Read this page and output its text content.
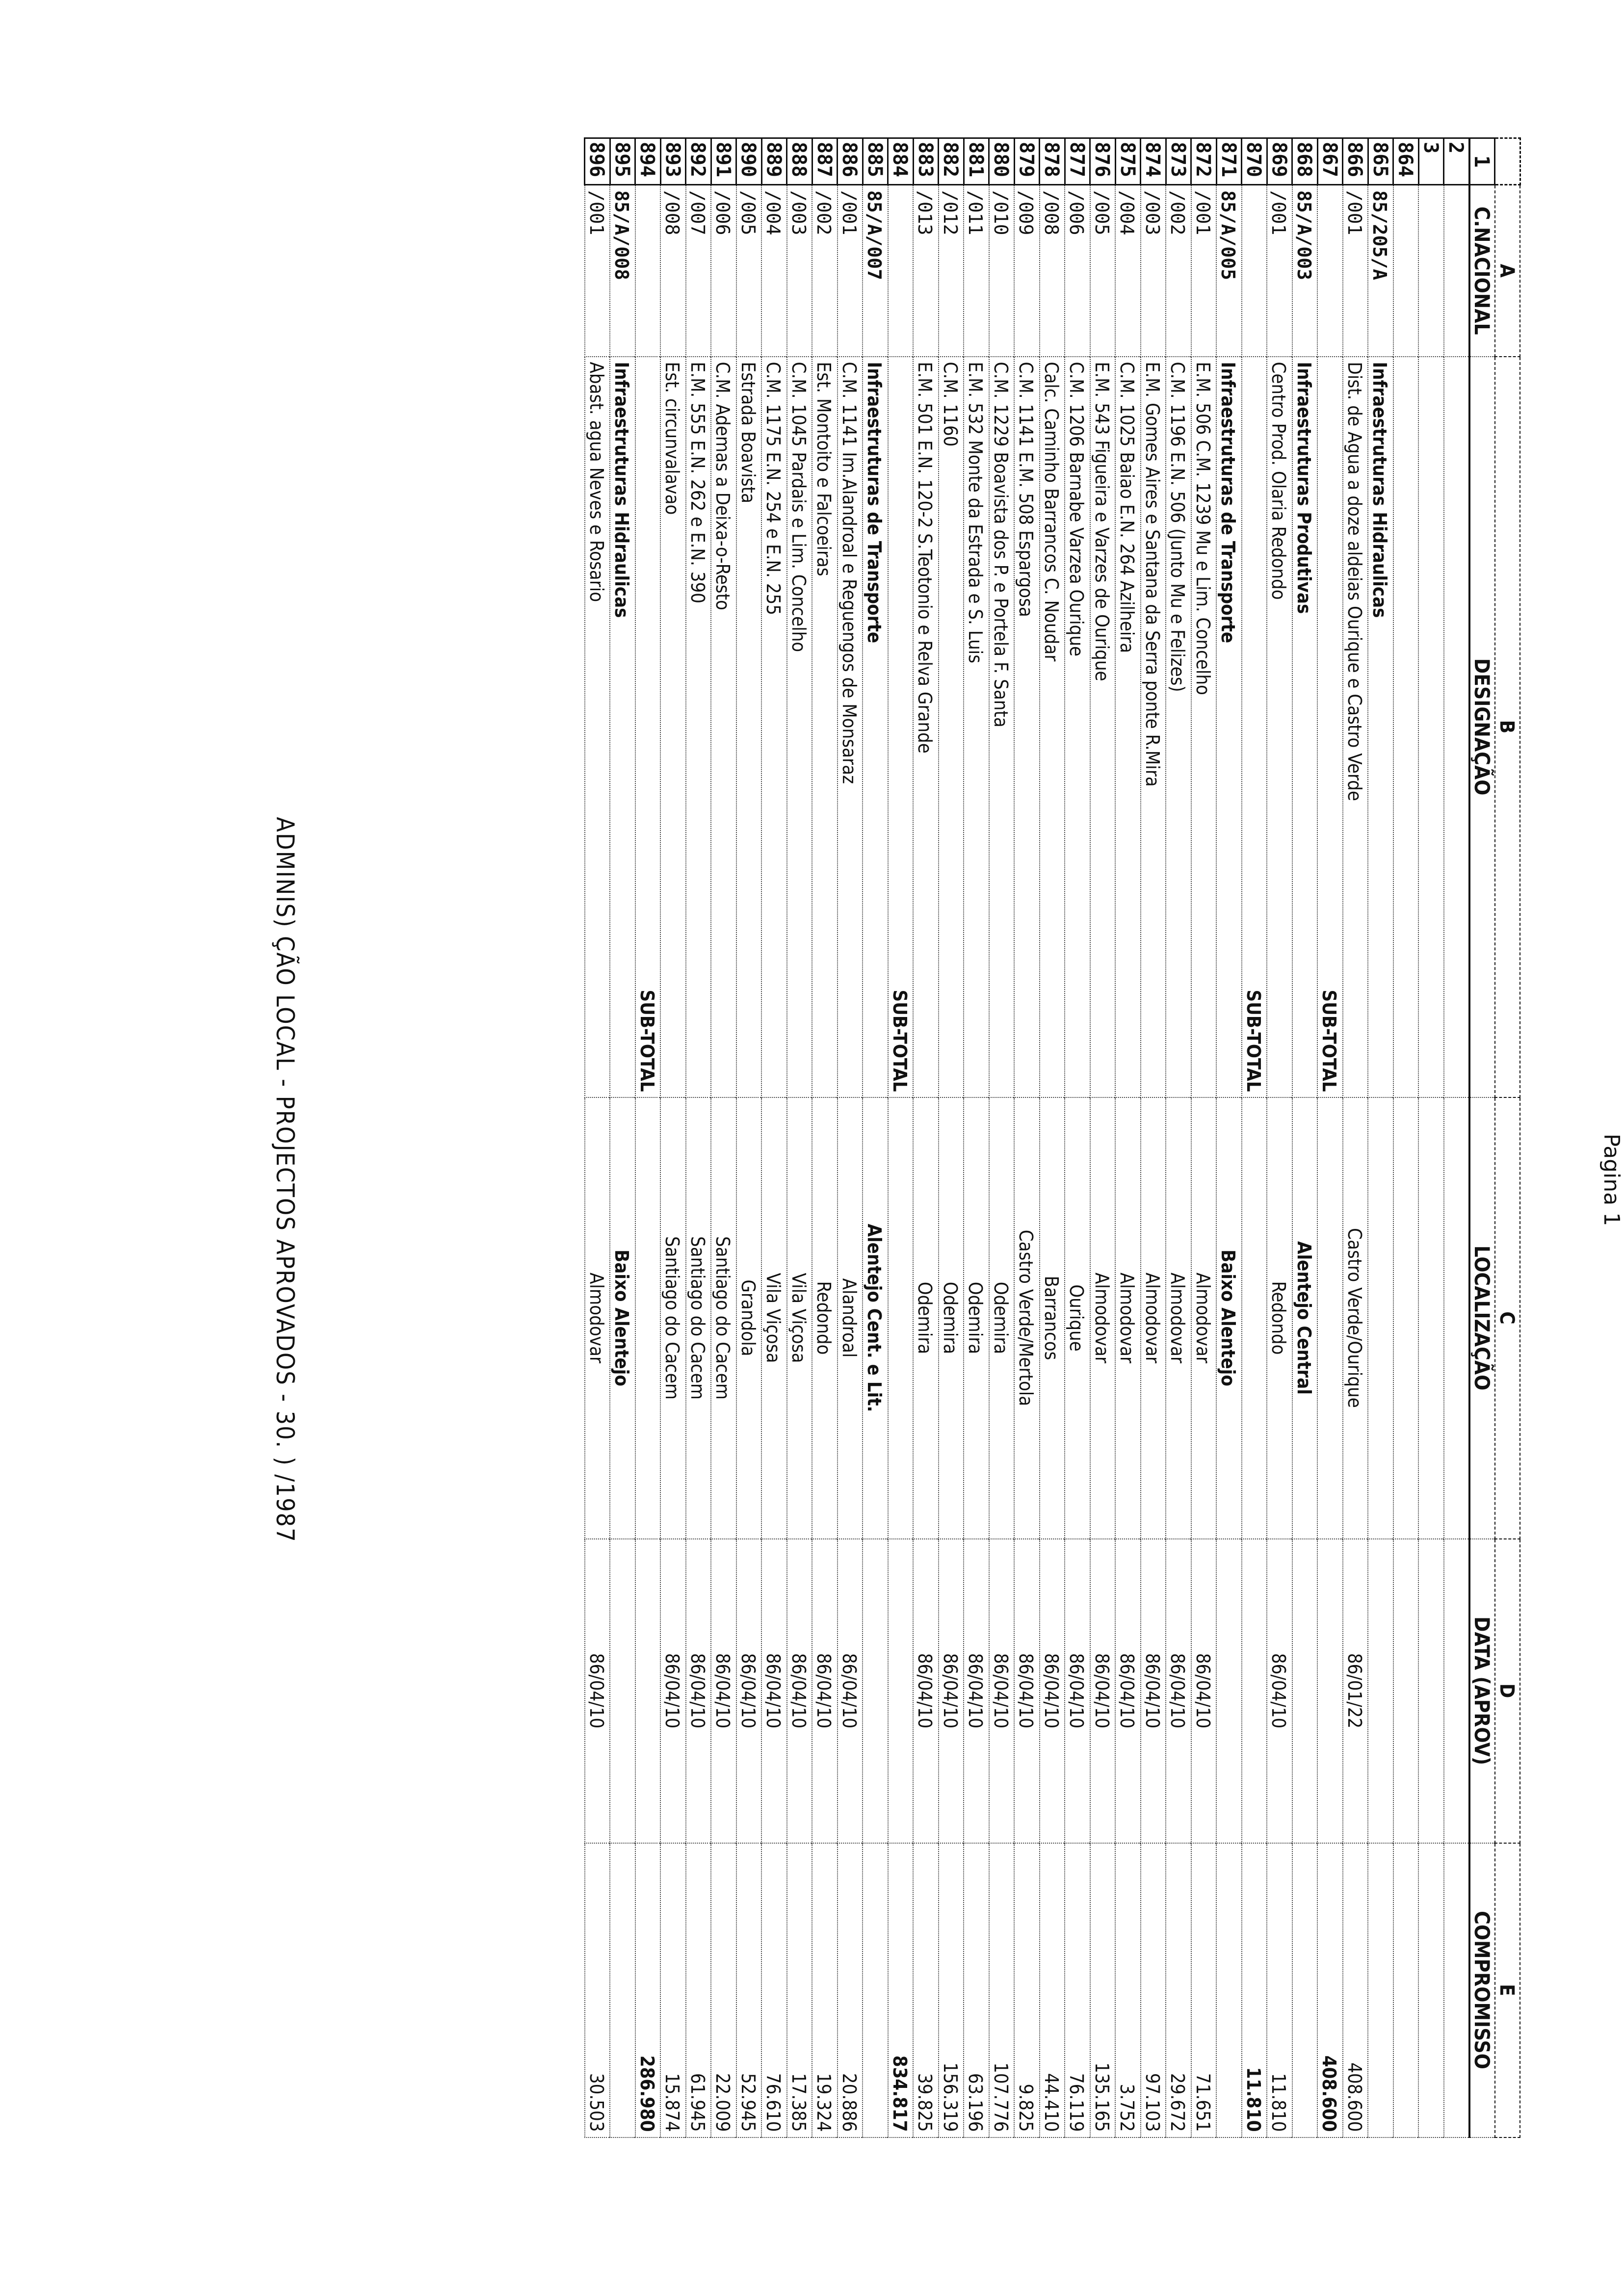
ADMINIS) ÇÃO LOCAL - PROJECTOS APROVADOS - 30. ) /1987
	A	B	C	D	E
1	C.NACIONAL	DESIGNAÇÃO	LOCALIZAÇÃO	DATA (APROV)	COMPROMISSO
2					
3					
864					
865	85/205/A	Infraestruturas Hidraulicas			
866	/001	Dist. de Agua a doze aldeias Ourique e Castro Verde	Castro Verde/Ourique	86/01/22	408.600
867		SUB-TOTAL			408.600
868	85/A/003	Infraestruturas Produtivas	Alentejo Central		
869	/001	Centro Prod. Olaria Redondo	Redondo	86/04/10	11.810
870		SUB-TOTAL			11.810
871	85/A/005	Infraestruturas de Transporte	Baixo Alentejo		
872	/001	E.M. 506 C.M. 1239 Mu e Lim. Concelho	Almodovar	86/04/10	71.651
873	/002	C.M. 1196 E.N. 506 (Junto Mu e Felizes)	Almodovar	86/04/10	29.672
874	/003	E.M. Gomes Aires e Santana da Serra ponte R.Mira	Almodovar	86/04/10	97.103
875	/004	C.M. 1025 Baiao E.N. 264 Azilheira	Almodovar	86/04/10	3.752
876	/005	E.M. 543 Figueira e Varzes de Ourique	Almodovar	86/04/10	135.165
877	/006	C.M. 1206 Barnabe Varzea Ourique	Ourique	86/04/10	76.119
878	/008	Calc. Caminho Barrancos C. Noudar	Barrancos	86/04/10	44.410
879	/009	C.M. 1141 E.M. 508 Espargosa	Castro Verde/Mertola	86/04/10	9.825
880	/010	C.M. 1229 Boavista dos P. e Portela F. Santa	Odemira	86/04/10	107.776
881	/011	E.M. 532 Monte da Estrada e S. Luis	Odemira	86/04/10	63.196
882	/012	C.M. 1160	Odemira	86/04/10	156.319
883	/013	E.M. 501 E.N. 120-2 S.Teotonio e Relva Grande	Odemira	86/04/10	39.825
884		SUB-TOTAL			834.817
885	85/A/007	Infraestruturas de Transporte	Alentejo Cent. e Lit.		
886	/001	C.M. 1141 Im.Alandroal e Reguengos de Monsaraz	Alandroal	86/04/10	20.886
887	/002	Est. Montoito e Falcoeiras	Redondo	86/04/10	19.324
888	/003	C.M. 1045 Pardais e Lim. Concelho	Vila Viçosa	86/04/10	17.385
889	/004	C.M. 1175 E.N. 254 e E.N. 255	Vila Viçosa	86/04/10	76.610
890	/005	Estrada Boavista	Grandola	86/04/10	52.945
891	/006	C.M. Ademas a Deixa-o-Resto	Santiago do Cacem	86/04/10	22.009
892	/007	E.M. 555 E.N. 262 e E.N. 390	Santiago do Cacem	86/04/10	61.945
893	/008	Est. circunvalavao	Santiago do Cacem	86/04/10	15.874
894		SUB-TOTAL			286.980
895	85/A/008	Infraestruturas Hidraulicas	Baixo Alentejo		
896	/001	Abast. agua Neves e Rosario	Almodovar	86/04/10	30.503
Pagina 1
